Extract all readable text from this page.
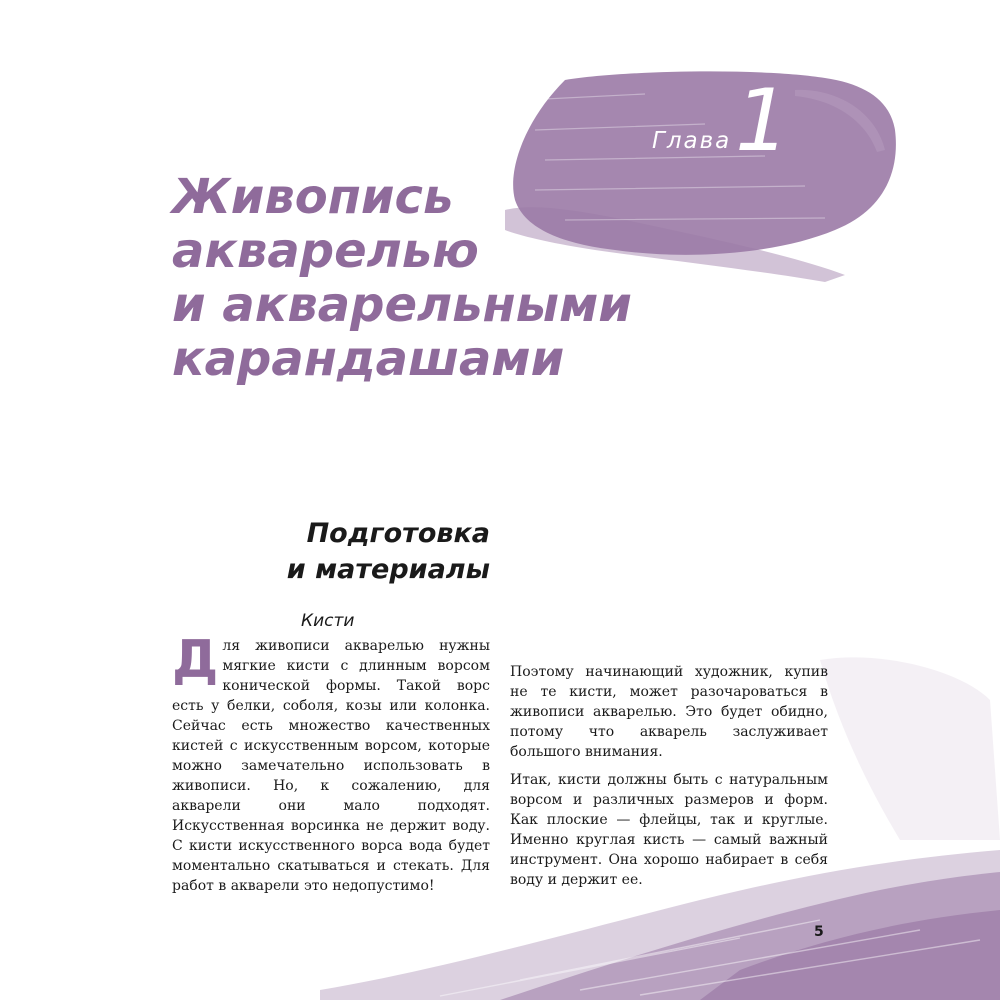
Глава 1
Живопись
акварелью
и акварельными
карандашами
Подготовка
и материалы
Кисти

Для живописи акварелью нужны мягкие кисти с длинным ворсом конической формы. Такой ворс есть у белки, соболя, козы или колонка. Сейчас есть множество качественных кистей с искусственным ворсом, которые можно замечательно использовать в живописи. Но, к сожалению, для акварели они мало подходят. Искусственная ворсинка не держит воду. С кисти искусственного ворса вода будет моментально скатываться и стекать. Для работ в акварели это недопустимо!

Поэтому начинающий художник, купив не те кисти, может разочароваться в живописи акварелью. Это будет обидно, потому что акварель заслуживает большого внимания.

Итак, кисти должны быть с натуральным ворсом и различных размеров и форм. Как плоские — флейцы, так и круглые. Именно круглая кисть — самый важный инструмент. Она хорошо набирает в себя воду и держит ее.

5
